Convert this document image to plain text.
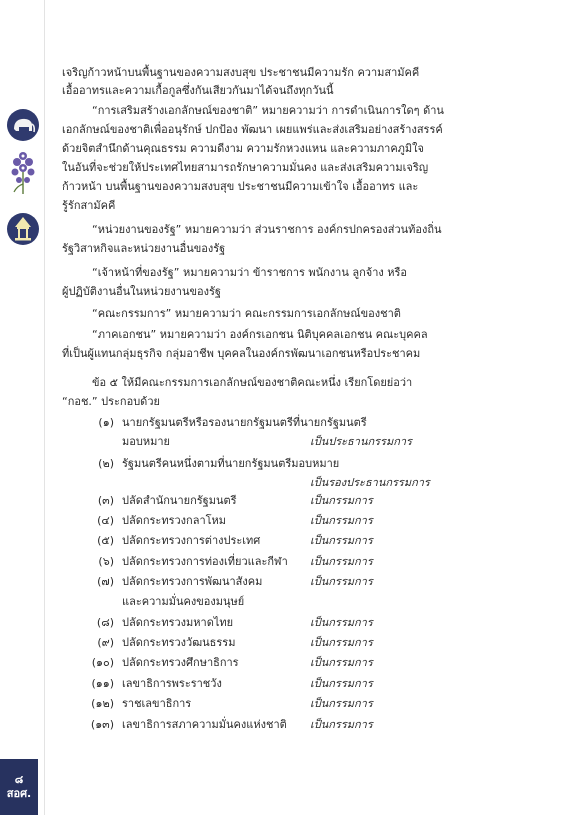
๘
สอศ.
เจริญก้าวหน้าบนพื้นฐานของความสงบสุข ประชาชนมีความรัก ความสามัคคี
เอื้ออาทรและความเกื้อกูลซึ่งกันเสียวกันมาได้จนถึงทุกวันนี้
“การเสริมสร้างเอกลักษณ์ของชาติ” หมายความว่า การดำเนินการใดๆ ด้าน
เอกลักษณ์ของชาติเพื่ออนุรักษ์ ปกป้อง พัฒนา เผยแพร่และส่งเสริมอย่างสร้างสรรค์
ด้วยจิตสำนึกด้านคุณธรรม ความดีงาม ความรักหวงแหน และความภาคภูมิใจ
ในอันที่จะช่วยให้ประเทศไทยสามารถรักษาความมั่นคง และส่งเสริมความเจริญ
ก้าวหน้า บนพื้นฐานของความสงบสุข ประชาชนมีความเข้าใจ เอื้ออาทร และ
รู้รักสามัคคี
“หน่วยงานของรัฐ” หมายความว่า ส่วนราชการ องค์กรปกครองส่วนท้องถิ่น
รัฐวิสาหกิจและหน่วยงานอื่นของรัฐ
“เจ้าหน้าที่ของรัฐ” หมายความว่า ข้าราชการ พนักงาน ลูกจ้าง หรือ
ผู้ปฏิบัติงานอื่นในหน่วยงานของรัฐ
“คณะกรรมการ” หมายความว่า คณะกรรมการเอกลักษณ์ของชาติ
“ภาคเอกชน” หมายความว่า องค์กรเอกชน นิติบุคคลเอกชน คณะบุคคล
ที่เป็นผู้แทนกลุ่มธุรกิจ กลุ่มอาชีพ บุคคลในองค์กรพัฒนาเอกชนหรือประชาคม
ข้อ ๕ ให้มีคณะกรรมการเอกลักษณ์ของชาติคณะหนึ่ง เรียกโดยย่อว่า
“กอช.” ประกอบด้วย
(๑) นายกรัฐมนตรีหรือรองนายกรัฐมนตรีที่นายกรัฐมนตรี
มอบหมาย	เป็นประธานกรรมการ
(๒) รัฐมนตรีคนหนึ่งตามที่นายกรัฐมนตรีมอบหมาย
เป็นรองประธานกรรมการ
(๓) ปลัดสำนักนายกรัฐมนตรี	เป็นกรรมการ
(๔) ปลัดกระทรวงกลาโหม	เป็นกรรมการ
(๕) ปลัดกระทรวงการต่างประเทศ	เป็นกรรมการ
(๖) ปลัดกระทรวงการท่องเที่ยวและกีฬา เป็นกรรมการ
(๗) ปลัดกระทรวงการพัฒนาสังคม	เป็นกรรมการ
และความมั่นคงของมนุษย์
(๘) ปลัดกระทรวงมหาดไทย	เป็นกรรมการ
(๙) ปลัดกระทรวงวัฒนธรรม	เป็นกรรมการ
(๑๐) ปลัดกระทรวงศึกษาธิการ	เป็นกรรมการ
(๑๑) เลขาธิการพระราชวัง	เป็นกรรมการ
(๑๒) ราชเลขาธิการ	เป็นกรรมการ
(๑๓) เลขาธิการสภาความมั่นคงแห่งชาติ เป็นกรรมการ
